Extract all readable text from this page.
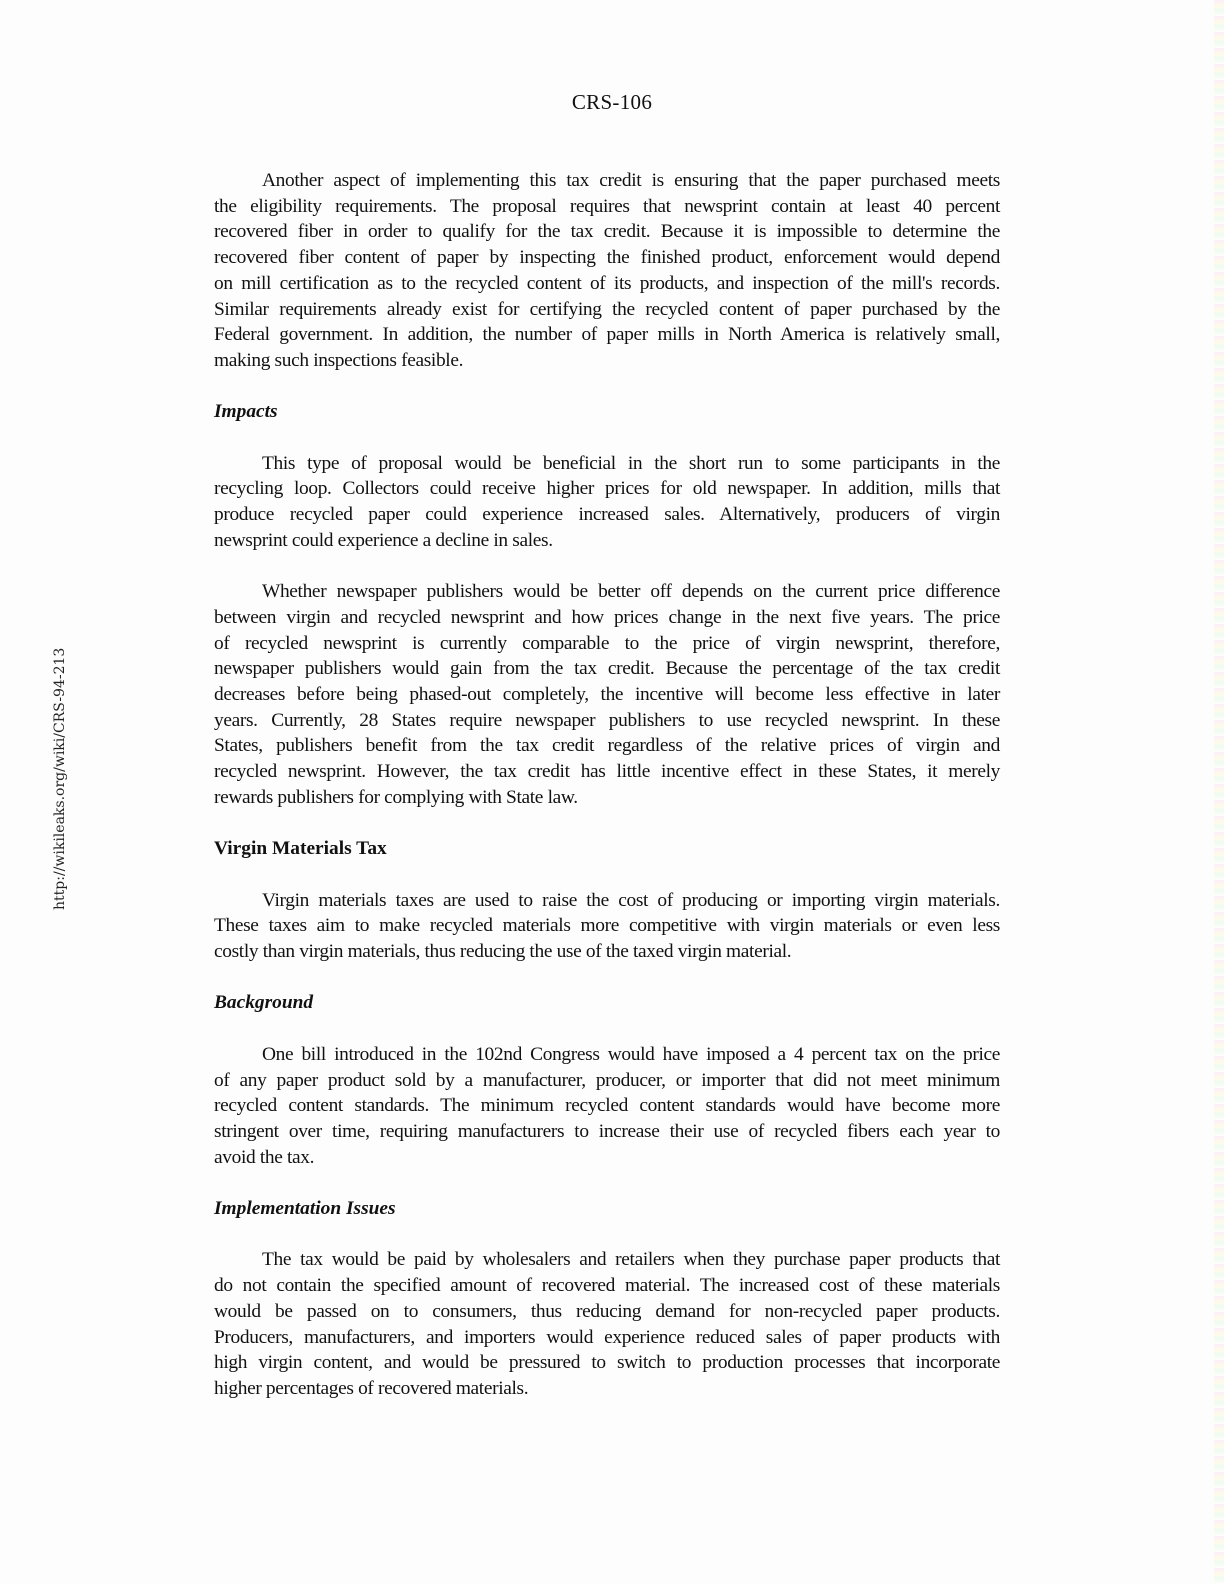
CRS-106
http://wikileaks.org/wiki/CRS-94-213

Another aspect of implementing this tax credit is ensuring that the paper purchased meets
the eligibility requirements. The proposal requires that newsprint contain at least 40 percent
recovered fiber in order to qualify for the tax credit. Because it is impossible to determine the
recovered fiber content of paper by inspecting the finished product, enforcement would depend
on mill certification as to the recycled content of its products, and inspection of the mill's records.
Similar requirements already exist for certifying the recycled content of paper purchased by the
Federal government. In addition, the number of paper mills in North America is relatively small,
making such inspections feasible.

Impacts

This type of proposal would be beneficial in the short run to some participants in the
recycling loop. Collectors could receive higher prices for old newspaper. In addition, mills that
produce recycled paper could experience increased sales. Alternatively, producers of virgin
newsprint could experience a decline in sales.

Whether newspaper publishers would be better off depends on the current price difference
between virgin and recycled newsprint and how prices change in the next five years. The price
of recycled newsprint is currently comparable to the price of virgin newsprint, therefore,
newspaper publishers would gain from the tax credit. Because the percentage of the tax credit
decreases before being phased-out completely, the incentive will become less effective in later
years. Currently, 28 States require newspaper publishers to use recycled newsprint. In these
States, publishers benefit from the tax credit regardless of the relative prices of virgin and
recycled newsprint. However, the tax credit has little incentive effect in these States, it merely
rewards publishers for complying with State law.

Virgin Materials Tax

Virgin materials taxes are used to raise the cost of producing or importing virgin materials.
These taxes aim to make recycled materials more competitive with virgin materials or even less
costly than virgin materials, thus reducing the use of the taxed virgin material.

Background

One bill introduced in the 102nd Congress would have imposed a 4 percent tax on the price
of any paper product sold by a manufacturer, producer, or importer that did not meet minimum
recycled content standards. The minimum recycled content standards would have become more
stringent over time, requiring manufacturers to increase their use of recycled fibers each year to
avoid the tax.

Implementation Issues

The tax would be paid by wholesalers and retailers when they purchase paper products that
do not contain the specified amount of recovered material. The increased cost of these materials
would be passed on to consumers, thus reducing demand for non-recycled paper products.
Producers, manufacturers, and importers would experience reduced sales of paper products with
high virgin content, and would be pressured to switch to production processes that incorporate
higher percentages of recovered materials.
